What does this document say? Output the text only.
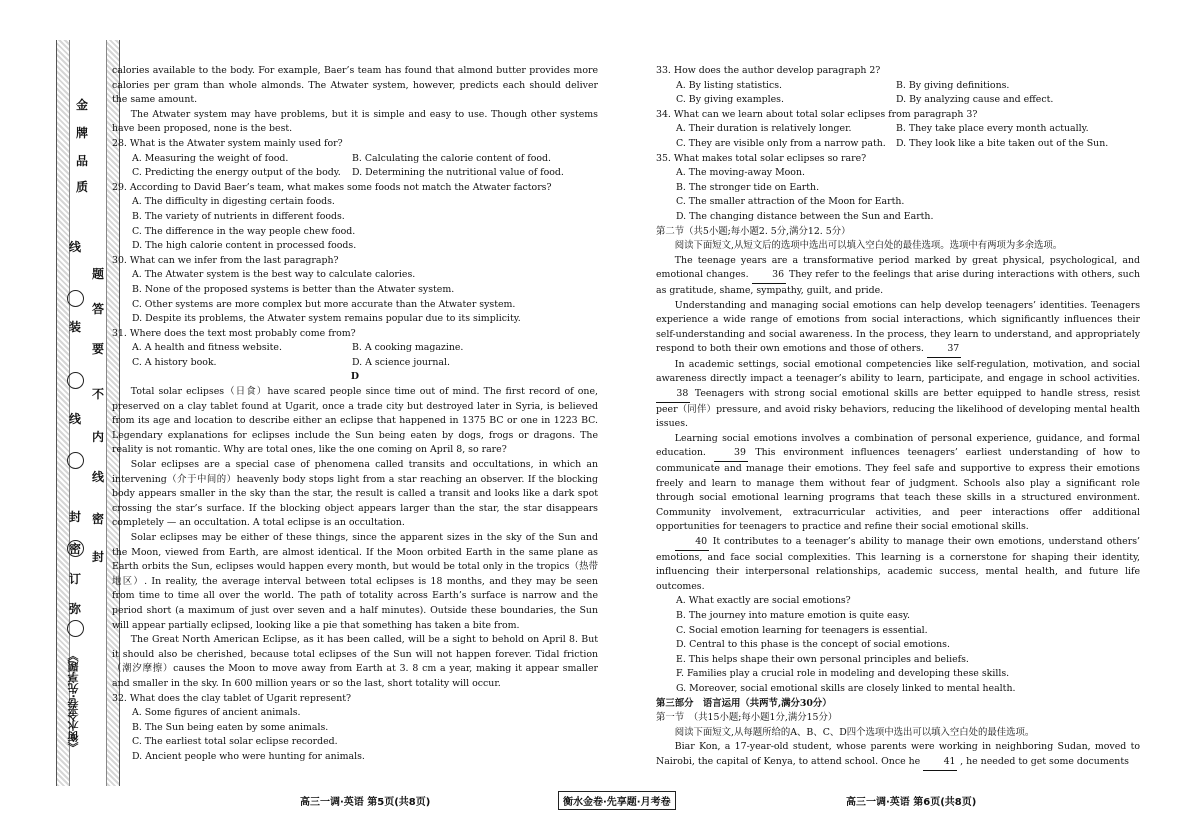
金
牌
品
质
线
题
答
要
不
内
线
封 密
密
封
线
装
订
弥
《衡水金卷·先享题》

calories available to the body. For example, Baer’s team has found that almond butter provides more calories per gram than whole almonds. The Atwater system, however, predicts each should deliver the same amount.

The Atwater system may have problems, but it is simple and easy to use. Though other systems have been proposed, none is the best.

28. What is the Atwater system mainly used for?

A. Measuring the weight of food.	B. Calculating the calorie content of food.
C. Predicting the energy output of the body.	D. Determining the nutritional value of food.

29. According to David Baer’s team, what makes some foods not match the Atwater factors?

A. The difficulty in digesting certain foods.

B. The variety of nutrients in different foods.

C. The difference in the way people chew food.

D. The high calorie content in processed foods.

30. What can we infer from the last paragraph?

A. The Atwater system is the best way to calculate calories.

B. None of the proposed systems is better than the Atwater system.

C. Other systems are more complex but more accurate than the Atwater system.

D. Despite its problems, the Atwater system remains popular due to its simplicity.

31. Where does the text most probably come from?

A. A health and fitness website.	B. A cooking magazine.
C. A history book.	D. A science journal.

D

Total solar eclipses（日食）have scared people since time out of mind. The first record of one, preserved on a clay tablet found at Ugarit, once a trade city but destroyed later in Syria, is believed from its age and location to describe either an eclipse that happened in 1375 BC or one in 1223 BC. Legendary explanations for eclipses include the Sun being eaten by dogs, frogs or dragons. The reality is not romantic. Why are total ones, like the one coming on April 8, so rare?

Solar eclipses are a special case of phenomena called transits and occultations, in which an intervening（介于中间的）heavenly body stops light from a star reaching an observer. If the blocking body appears smaller in the sky than the star, the result is called a transit and looks like a dark spot crossing the star’s surface. If the blocking object appears larger than the star, the star disappears completely — an occultation. A total eclipse is an occultation.

Solar eclipses may be either of these things, since the apparent sizes in the sky of the Sun and the Moon, viewed from Earth, are almost identical. If the Moon orbited Earth in the same plane as Earth orbits the Sun, eclipses would happen every month, but would be total only in the tropics（热带地区）. In reality, the average interval between total eclipses is 18 months, and they may be seen from time to time all over the world. The path of totality across Earth’s surface is narrow and the period short (a maximum of just over seven and a half minutes). Outside these boundaries, the Sun will appear partially eclipsed, looking like a pie that something has taken a bite from.

The Great North American Eclipse, as it has been called, will be a sight to behold on April 8. But it should also be cherished, because total eclipses of the Sun will not happen forever. Tidal friction（潮汐摩擦）causes the Moon to move away from Earth at 3. 8 cm a year, making it appear smaller and smaller in the sky. In 600 million years or so the last, short totality will occur.

32. What does the clay tablet of Ugarit represent?

A. Some figures of ancient animals.

B. The Sun being eaten by some animals.

C. The earliest total solar eclipse recorded.

D. Ancient people who were hunting for animals.

33. How does the author develop paragraph 2?

A. By listing statistics.	B. By giving definitions.
C. By giving examples.	D. By analyzing cause and effect.

34. What can we learn about total solar eclipses from paragraph 3?

A. Their duration is relatively longer.	B. They take place every month actually.
C. They are visible only from a narrow path.	D. They look like a bite taken out of the Sun.

35. What makes total solar eclipses so rare?

A. The moving-away Moon.

B. The stronger tide on Earth.

C. The smaller attraction of the Moon for Earth.

D. The changing distance between the Sun and Earth.

第二节（共5小题;每小题2. 5分,满分12. 5分）

阅读下面短文,从短文后的选项中选出可以填入空白处的最佳选项。选项中有两项为多余选项。

The teenage years are a transformative period marked by great physical, psychological, and emotional changes.	36 They refer to the feelings that arise during interactions with others, such as gratitude, shame, sympathy, guilt, and pride.

Understanding and managing social emotions can help develop teenagers’ identities. Teenagers experience a wide range of emotions from social interactions, which significantly influences their self-understanding and social awareness. In the process, they learn to understand, and appropriately respond to both their own emotions and those of others. 37

In academic settings, social emotional competencies like self-regulation, motivation, and social awareness directly impact a teenager’s ability to learn, participate, and engage in school activities. 38 Teenagers with strong social emotional skills are better equipped to handle stress, resist peer（同伴）pressure, and avoid risky behaviors, reducing the likelihood of developing mental health issues.

Learning social emotions involves a combination of personal experience, guidance, and formal education.	39 This environment influences teenagers’ earliest understanding of how to communicate and manage their emotions. They feel safe and supportive to express their emotions freely and learn to manage them without fear of judgment. Schools also play a significant role through social emotional learning programs that teach these skills in a structured environment. Community involvement, extracurricular activities, and peer interactions offer additional opportunities for teenagers to practice and refine their social emotional skills.

40 It contributes to a teenager’s ability to manage their own emotions, understand others’ emotions, and face social complexities. This learning is a cornerstone for shaping their identity, influencing their interpersonal relationships, academic success, mental health, and future life outcomes.

A. What exactly are social emotions?

B. The journey into mature emotion is quite easy.

C. Social emotion learning for teenagers is essential.

D. Central to this phase is the concept of social emotions.

E. This helps shape their own personal principles and beliefs.

F. Families play a crucial role in modeling and developing these skills.

G. Moreover, social emotional skills are closely linked to mental health.

第三部分　语言运用（共两节,满分30分）

第一节　（共15小题;每小题1分,满分15分）

阅读下面短文,从每题所给的A、B、C、D四个选项中选出可以填入空白处的最佳选项。

Biar Kon, a 17-year-old student, whose parents were working in neighboring Sudan, moved to Nairobi, the capital of Kenya, to attend school. Once he 41 , he needed to get some documents

高三一调·英语 第5页(共8页)	衡水金卷·先享题·月考卷	高三一调·英语 第6页(共8页)
